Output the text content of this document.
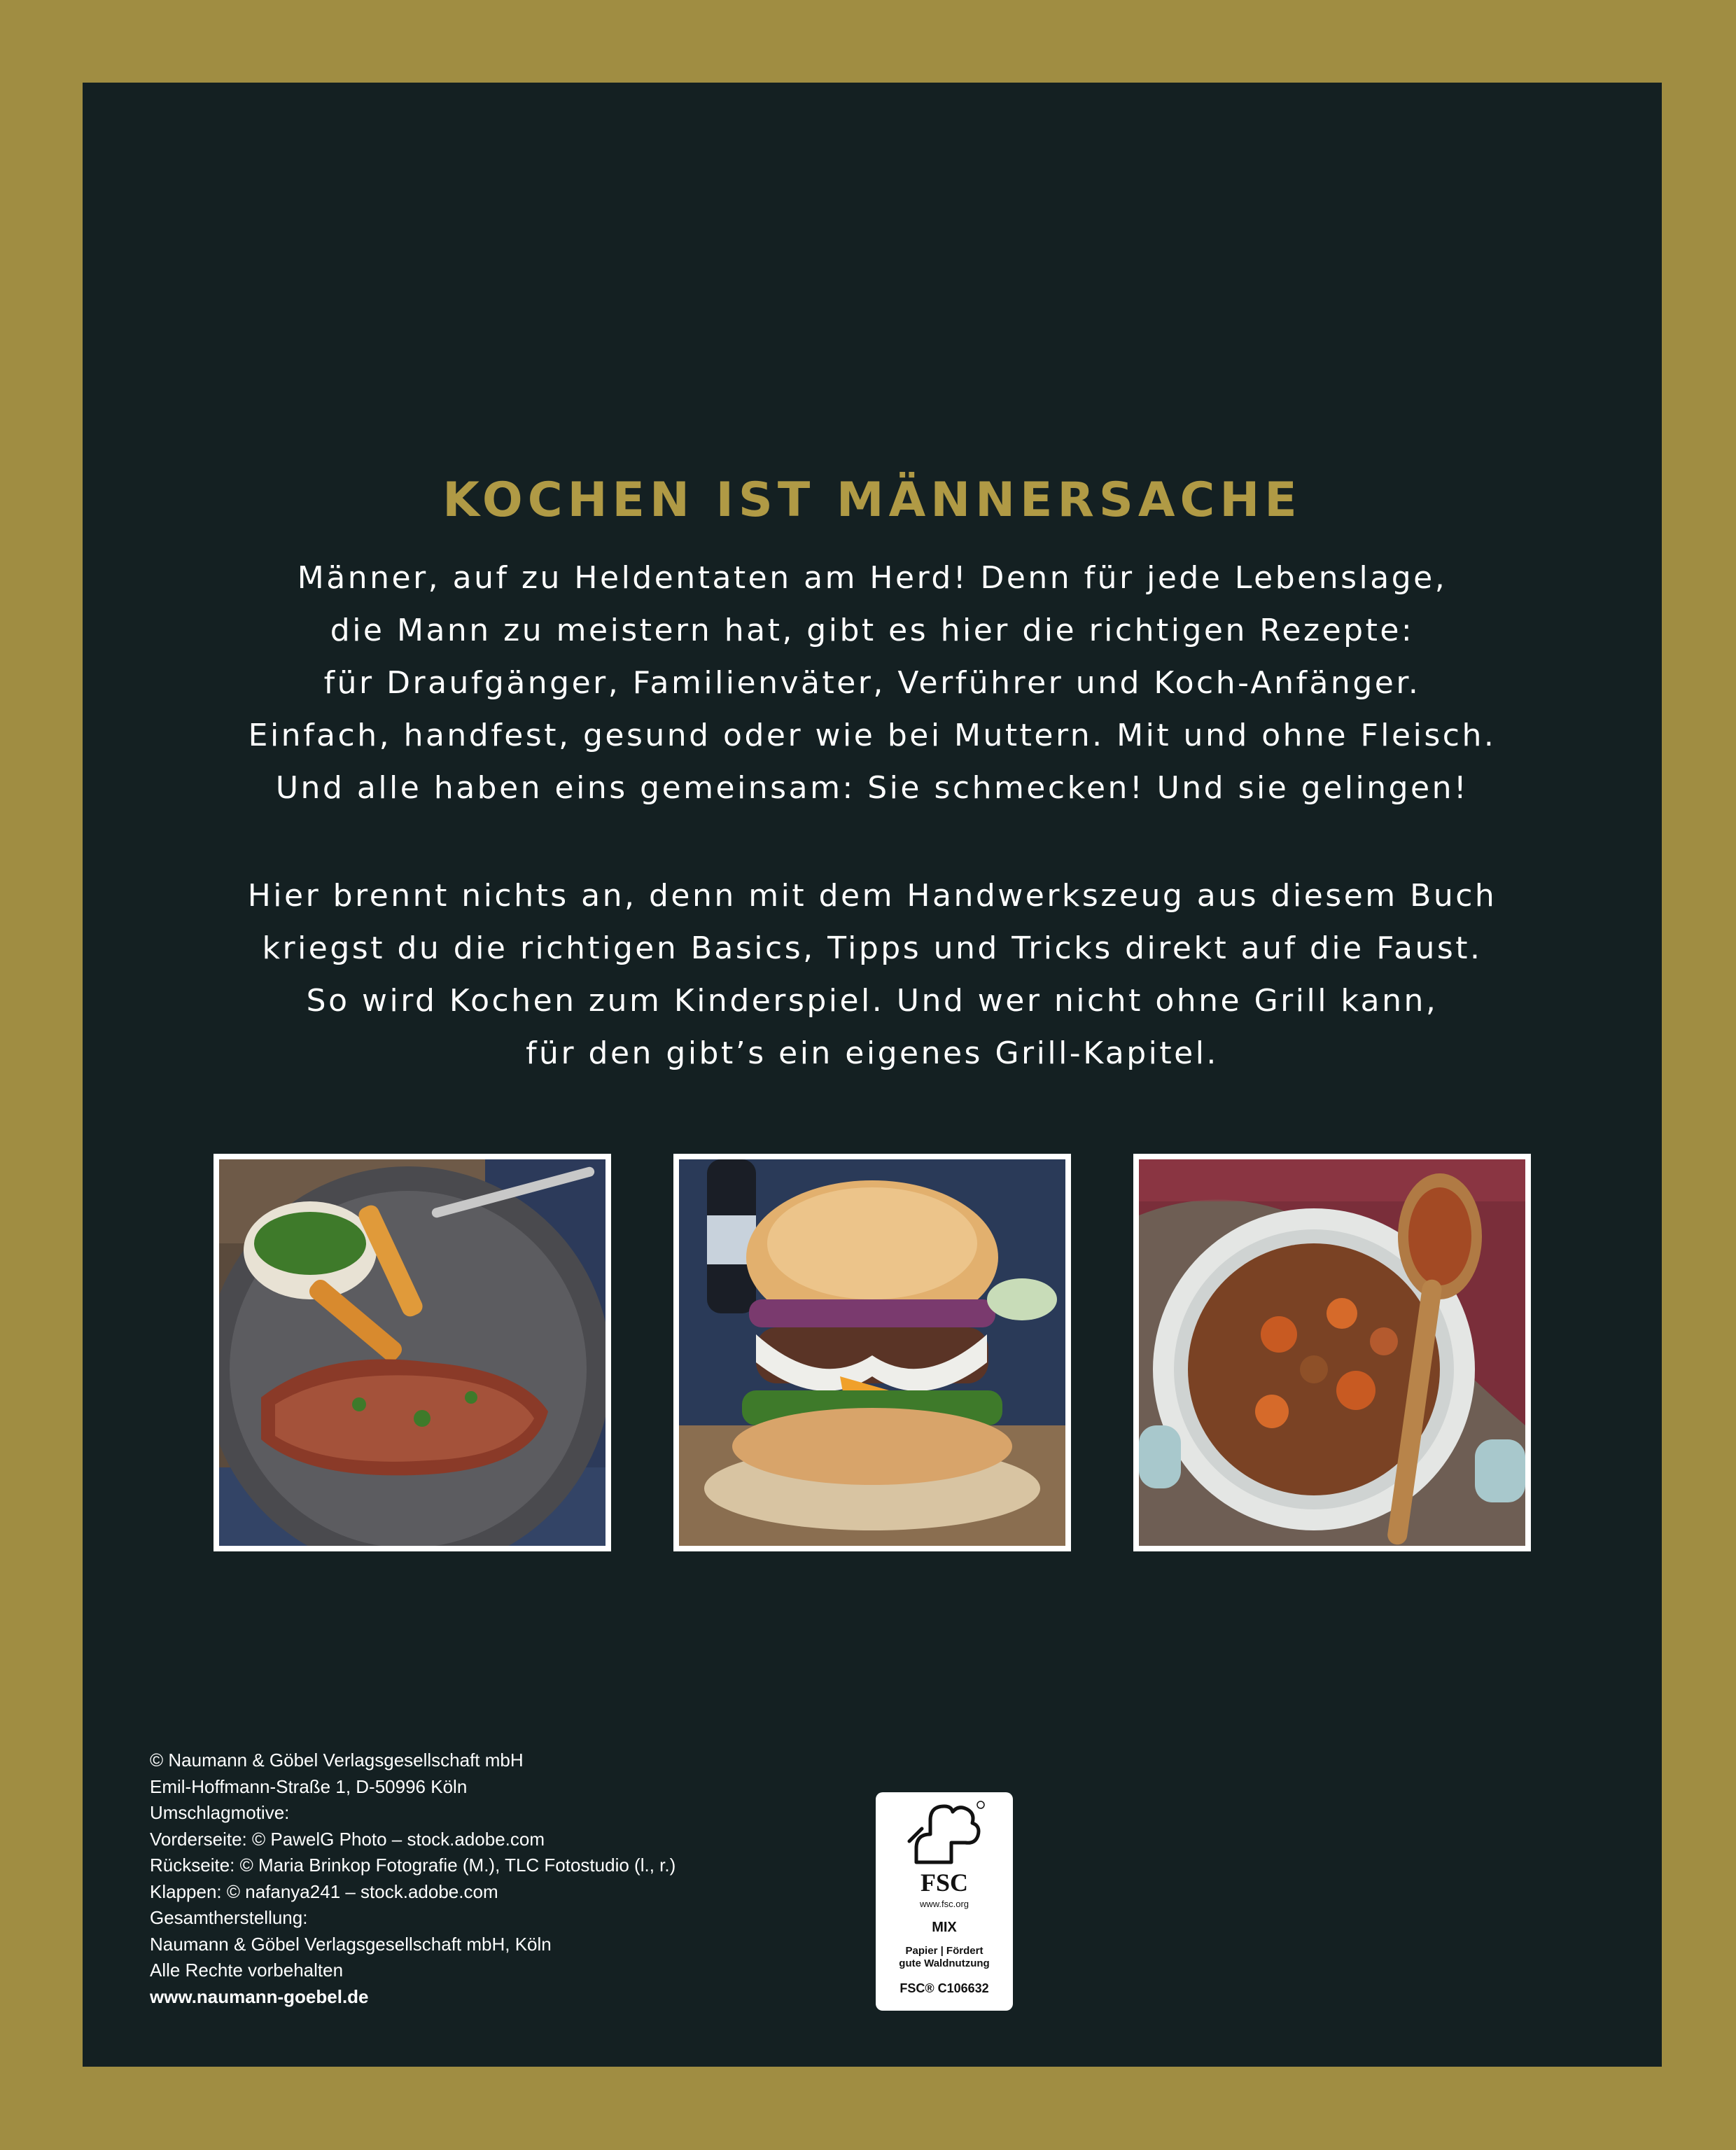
KOCHEN IST MÄNNERSACHE
Männer, auf zu Heldentaten am Herd! Denn für jede Lebenslage,
die Mann zu meistern hat, gibt es hier die richtigen Rezepte:
für Draufgänger, Familienväter, Verführer und Koch-Anfänger.
Einfach, handfest, gesund oder wie bei Muttern. Mit und ohne Fleisch.
Und alle haben eins gemeinsam: Sie schmecken! Und sie gelingen!
Hier brennt nichts an, denn mit dem Handwerkszeug aus diesem Buch
kriegst du die richtigen Basics, Tipps und Tricks direkt auf die Faust.
So wird Kochen zum Kinderspiel. Und wer nicht ohne Grill kann,
für den gibt’s ein eigenes Grill-Kapitel.
© Naumann & Göbel Verlagsgesellschaft mbH
Emil-Hoffmann-Straße 1, D-50996 Köln
Umschlagmotive:
Vorderseite: © PawelG Photo – stock.adobe.com
Rückseite: © Maria Brinkop Fotografie (M.), TLC Fotostudio (l., r.)
Klappen: © nafanya241 – stock.adobe.com
Gesamtherstellung:
Naumann & Göbel Verlagsgesellschaft mbH, Köln
Alle Rechte vorbehalten
www.naumann-goebel.de
FSC
www.fsc.org
MIX
Papier | Fördert
gute Waldnutzung
FSC® C106632
